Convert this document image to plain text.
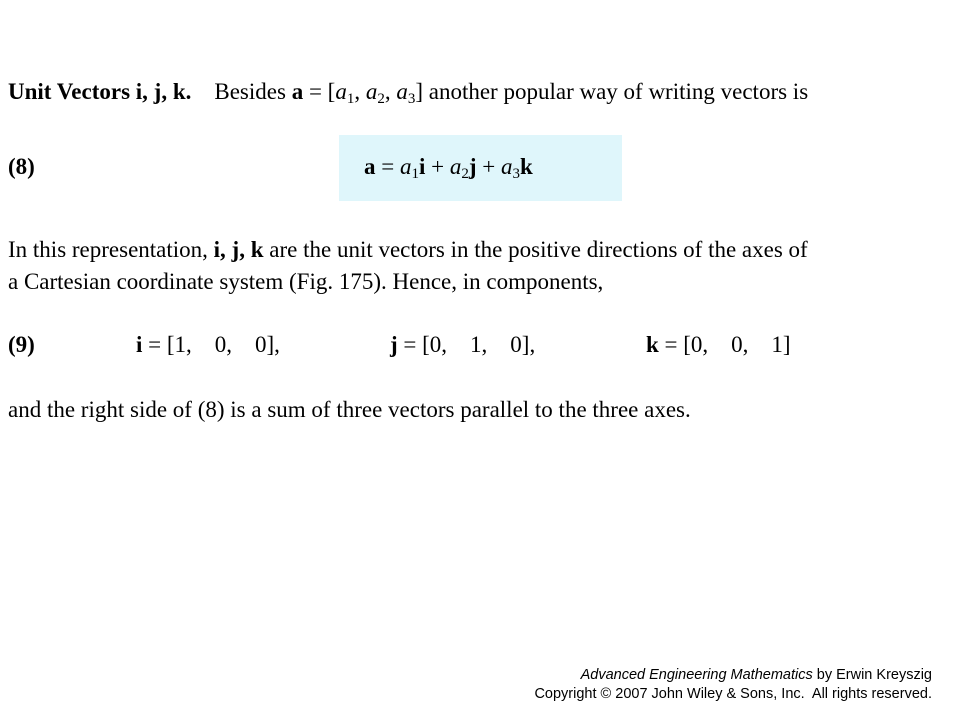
Unit Vectors i, j, k. Besides $a = [a_1$, $a_2$, $a_3$] another popular way of writing vectors is
(8)	$a = a_1i + a_2j + a_3k$
In this representation, i, j, k are the unit vectors in the positive directions of the axes of
a Cartesian coordinate system (Fig. 175). Hence, in components,
(9)	i = [1,    0,    0],	j = [0,    1,    0],	k = [0,    0,    1]
and the right side of (8) is a sum of three vectors parallel to the three axes.
Advanced Engineering Mathematics by Erwin Kreyszig
Copyright © 2007 John Wiley & Sons, Inc.  All rights reserved.
